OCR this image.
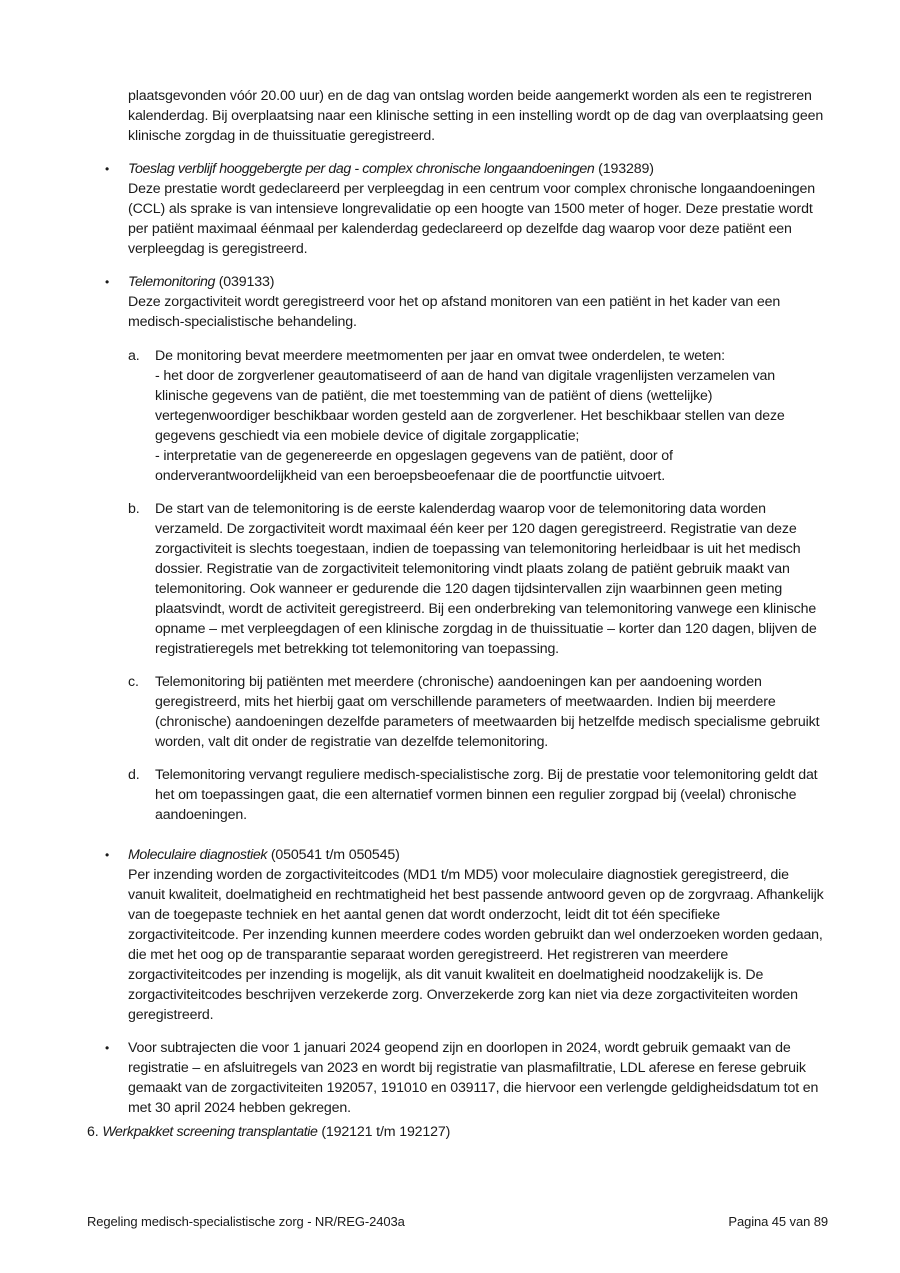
plaatsgevonden vóór 20.00 uur) en de dag van ontslag worden beide aangemerkt worden als een te registreren kalenderdag. Bij overplaatsing naar een klinische setting in een instelling wordt op de dag van overplaatsing geen klinische zorgdag in de thuissituatie geregistreerd.

• Toeslag verblijf hooggebergte per dag - complex chronische longaandoeningen (193289)

Deze prestatie wordt gedeclareerd per verpleegdag in een centrum voor complex chronische longaandoeningen (CCL) als sprake is van intensieve longrevalidatie op een hoogte van 1500 meter of hoger. Deze prestatie wordt per patiënt maximaal éénmaal per kalenderdag gedeclareerd op dezelfde dag waarop voor deze patiënt een verpleegdag is geregistreerd.

• Telemonitoring (039133)

Deze zorgactiviteit wordt geregistreerd voor het op afstand monitoren van een patiënt in het kader van een medisch-specialistische behandeling.

a. De monitoring bevat meerdere meetmomenten per jaar en omvat twee onderdelen, te weten:

- het door de zorgverlener geautomatiseerd of aan de hand van digitale vragenlijsten verzamelen van klinische gegevens van de patiënt, die met toestemming van de patiënt of diens (wettelijke) vertegenwoordiger beschikbaar worden gesteld aan de zorgverlener. Het beschikbaar stellen van deze gegevens geschiedt via een mobiele device of digitale zorgapplicatie;

- interpretatie van de gegenereerde en opgeslagen gegevens van de patiënt, door of onderverantwoordelijkheid van een beroepsbeoefenaar die de poortfunctie uitvoert.

b. De start van de telemonitoring is de eerste kalenderdag waarop voor de telemonitoring data worden verzameld. De zorgactiviteit wordt maximaal één keer per 120 dagen geregistreerd. Registratie van deze zorgactiviteit is slechts toegestaan, indien de toepassing van telemonitoring herleidbaar is uit het medisch dossier. Registratie van de zorgactiviteit telemonitoring vindt plaats zolang de patiënt gebruik maakt van telemonitoring. Ook wanneer er gedurende die 120 dagen tijdsintervallen zijn waarbinnen geen meting plaatsvindt, wordt de activiteit geregistreerd. Bij een onderbreking van telemonitoring vanwege een klinische opname – met verpleegdagen of een klinische zorgdag in de thuissituatie – korter dan 120 dagen, blijven de registratieregels met betrekking tot telemonitoring van toepassing.

c. Telemonitoring bij patiënten met meerdere (chronische) aandoeningen kan per aandoening worden geregistreerd, mits het hierbij gaat om verschillende parameters of meetwaarden. Indien bij meerdere (chronische) aandoeningen dezelfde parameters of meetwaarden bij hetzelfde medisch specialisme gebruikt worden, valt dit onder de registratie van dezelfde telemonitoring.

d. Telemonitoring vervangt reguliere medisch-specialistische zorg. Bij de prestatie voor telemonitoring geldt dat het om toepassingen gaat, die een alternatief vormen binnen een regulier zorgpad bij (veelal) chronische aandoeningen.

• Moleculaire diagnostiek (050541 t/m 050545)

Per inzending worden de zorgactiviteitcodes (MD1 t/m MD5) voor moleculaire diagnostiek geregistreerd, die vanuit kwaliteit, doelmatigheid en rechtmatigheid het best passende antwoord geven op de zorgvraag. Afhankelijk van de toegepaste techniek en het aantal genen dat wordt onderzocht, leidt dit tot één specifieke zorgactiviteitcode. Per inzending kunnen meerdere codes worden gebruikt dan wel onderzoeken worden gedaan, die met het oog op de transparantie separaat worden geregistreerd. Het registreren van meerdere zorgactiviteitcodes per inzending is mogelijk, als dit vanuit kwaliteit en doelmatigheid noodzakelijk is. De zorgactiviteitcodes beschrijven verzekerde zorg. Onverzekerde zorg kan niet via deze zorgactiviteiten worden geregistreerd.

• Voor subtrajecten die voor 1 januari 2024 geopend zijn en doorlopen in 2024, wordt gebruik gemaakt van de registratie – en afsluitregels van 2023 en wordt bij registratie van plasmafiltratie, LDL aferese en ferese gebruik gemaakt van de zorgactiviteiten 192057, 191010 en 039117, die hiervoor een verlengde geldigheidsdatum tot en met 30 april 2024 hebben gekregen.

6. Werkpakket screening transplantatie (192121 t/m 192127)

Regeling medisch-specialistische zorg - NR/REG-2403a	Pagina 45 van 89
